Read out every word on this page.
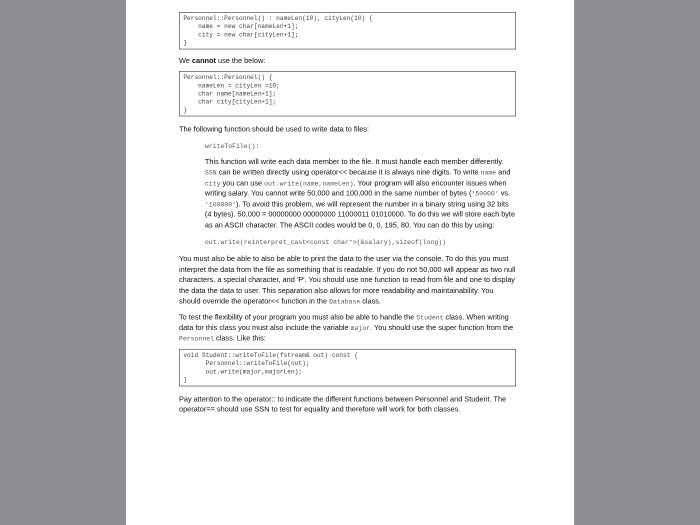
Personnel::Personnel() : nameLen(10), cityLen(10) {
name = new char[nameLen+1];
city = new char[cityLen+1];
}

We cannot use the below:

Personnel::Personnel() {
nameLen = cityLen =10;
char name[nameLen+1];
char city[cityLen+1];
}

The following function should be used to write data to files:

writeToFile():

This function will write each data member to the file. It must handle each member differently. SSN can be written directly using operator<< because it is always nine digits. To write name and city you can use out.write(name,nameLen). Your program will also encounter issues when writing salary. You cannot write 50,000 and 100,000 in the same number of bytes ('50000' vs. '100000'). To avoid this problem, we will represent the number in a binary string using 32 bits (4 bytes). 50,000 = 00000000 00000000 11000011 01010000. To do this we will store each byte as an ASCII character. The ASCII codes would be 0, 0, 195, 80. You can do this by using:

out.write(reinterpret_cast<const char*>(&salary),sizeof(long))

You must also be able to also be able to print the data to the user via the console. To do this you must interpret the data from the file as something that is readable. If you do not 50,000 will appear as two null characters, a special character, and 'P'. You should use one function to read from file and one to display the data the data to user. This separation also allows for more readability and maintainability. You should override the operator<< function in the Database class.

To test the flexibility of your program you must also be able to handle the Student class. When writing data for this class you must also include the variable major. You should use the super function from the Personnel class. Like this:

void Student::writeToFile(fstream& out) const {
Personnel::writeToFile(out);
out.write(major,majorLen);
}

Pay attention to the operator:: to indicate the different functions between Personnel and Student. The operator== should use SSN to test for equality and therefore will work for both classes.
